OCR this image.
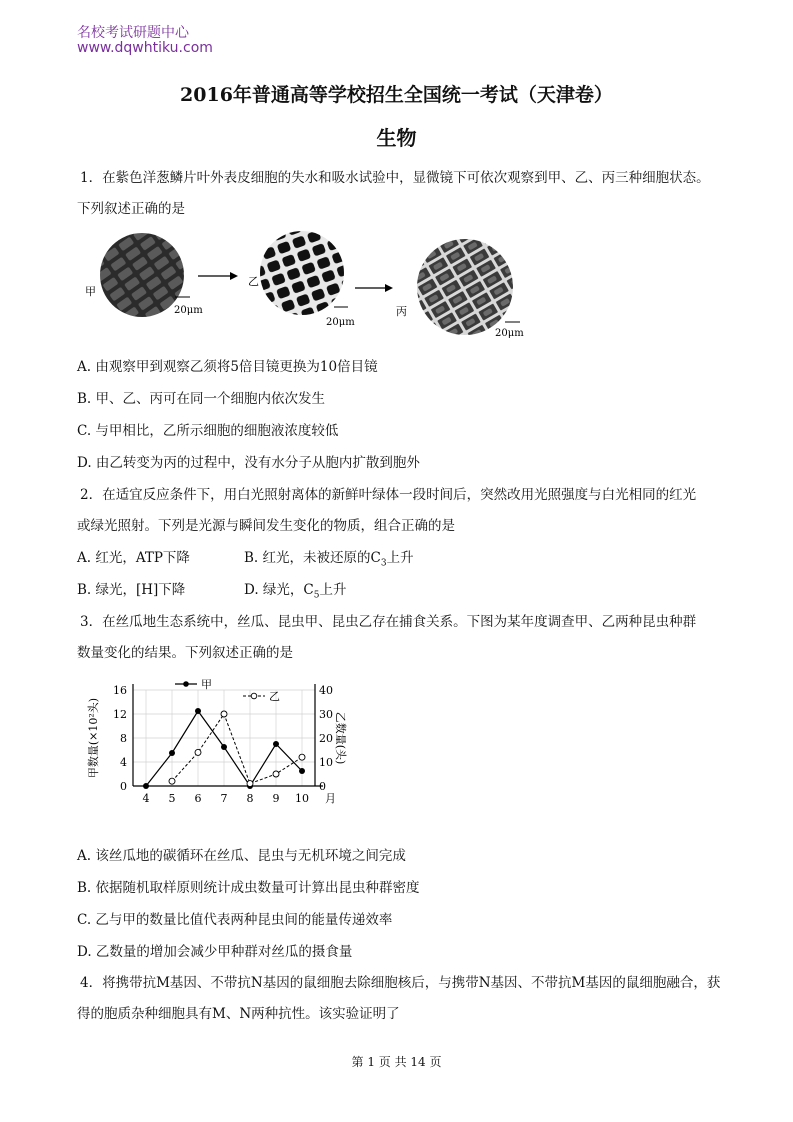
名校考试研题中心
www.dqwhtiku.com
2016年普通高等学校招生全国统一考试（天津卷）
生物
1．在紫色洋葱鳞片叶外表皮细胞的失水和吸水试验中，显微镜下可依次观察到甲、乙、丙三种细胞状态。
下列叙述正确的是
甲
20μm
乙
20μm
丙
20μm
A. 由观察甲到观察乙须将5倍目镜更换为10倍目镜
B. 甲、乙、丙可在同一个细胞内依次发生
C. 与甲相比，乙所示细胞的细胞液浓度较低
D. 由乙转变为丙的过程中，没有水分子从胞内扩散到胞外
2．在适宜反应条件下，用白光照射离体的新鲜叶绿体一段时间后，突然改用光照强度与白光相同的红光
或绿光照射。下列是光源与瞬间发生变化的物质，组合正确的是
A. 红光，ATP下降	B. 红光，未被还原的$C_3$上升
B. 绿光，[H]下降	D. 绿光，$C_5$上升
3．在丝瓜地生态系统中，丝瓜、昆虫甲、昆虫乙存在捕食关系。下图为某年度调查甲、乙两种昆虫种群
数量变化的结果。下列叙述正确的是
0
4
8
12
16
0
10
20
30
40
4 5 6 7 8 9 10 月
甲数量(×10²头)	乙数量(头)
甲
乙
A. 该丝瓜地的碳循环在丝瓜、昆虫与无机环境之间完成
B. 依据随机取样原则统计成虫数量可计算出昆虫种群密度
C. 乙与甲的数量比值代表两种昆虫间的能量传递效率
D. 乙数量的增加会减少甲种群对丝瓜的摄食量
4．将携带抗M基因、不带抗N基因的鼠细胞去除细胞核后，与携带N基因、不带抗M基因的鼠细胞融合，获
得的胞质杂种细胞具有M、N两种抗性。该实验证明了
第 1 页 共 14 页
